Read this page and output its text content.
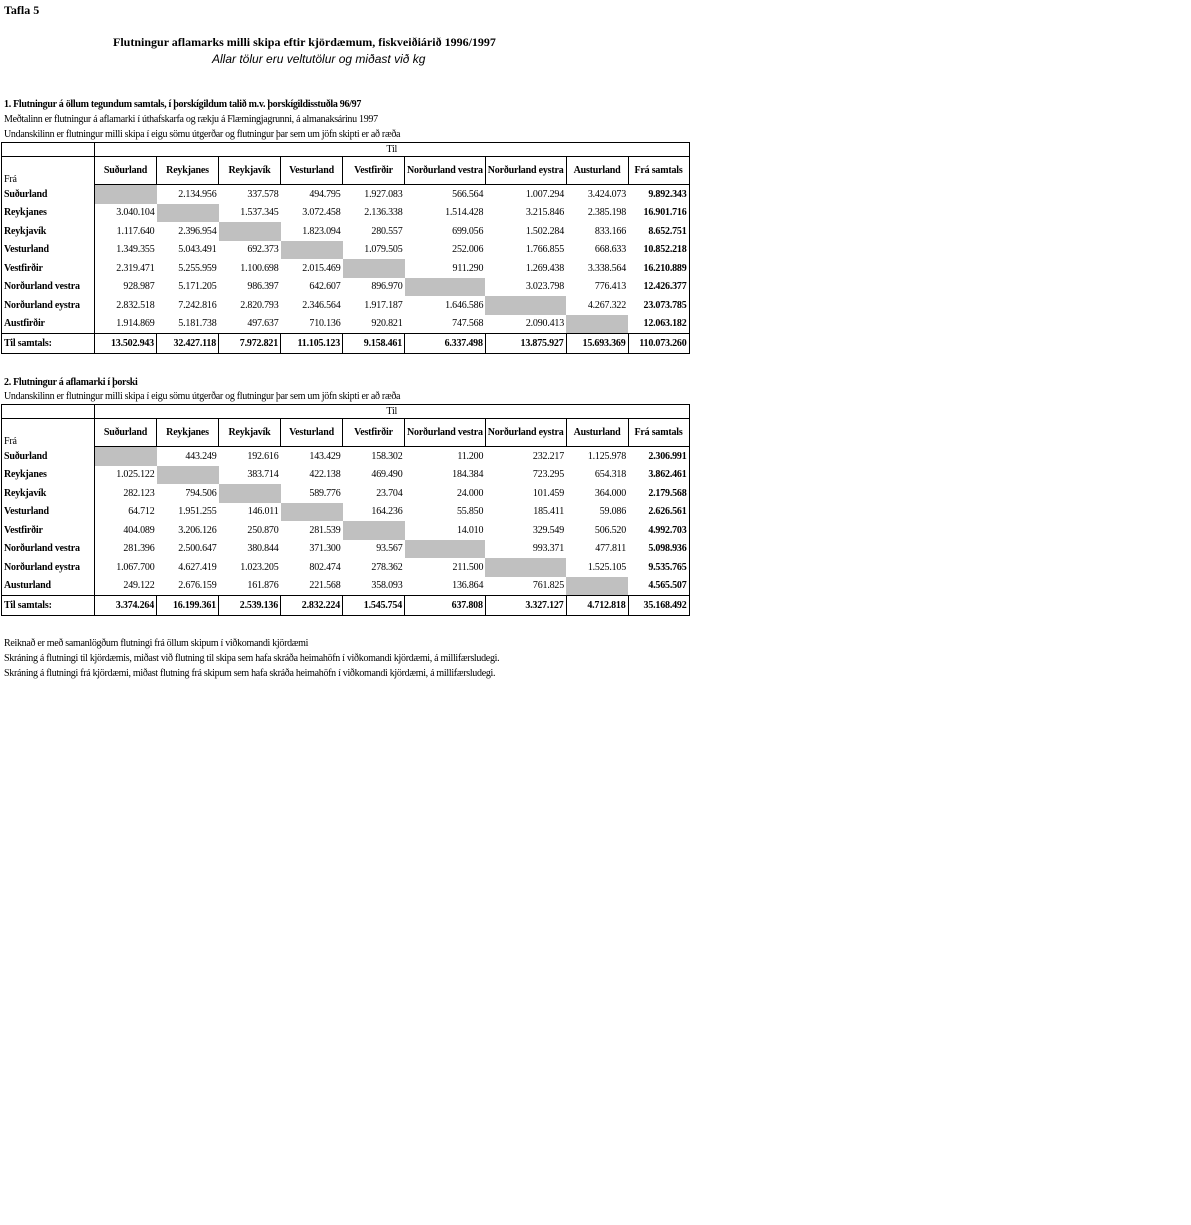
Tafla 5
Flutningur aflamarks milli skipa eftir kjördæmum, fiskveiðiárið 1996/1997
Allar tölur eru veltutölur og miðast við kg
1. Flutningur á öllum tegundum samtals, í þorskígildum talið m.v. þorskígildisstuðla 96/97
Meðtalinn er flutningur á aflamarki í úthafskarfa og rækju á Flæmingjagrunni, á almanaksárinu 1997
Undanskilinn er flutningur milli skipa í eigu sömu útgerðar og flutningur þar sem um jöfn skipti er að ræða
	Til								
Frá	Suðurland	Reykjanes	Reykjavík	Vesturland	Vestfirðir	Norðurland vestra	Norðurland eystra	Austurland	Frá samtals
Suðurland		2.134.956	337.578	494.795	1.927.083	566.564	1.007.294	3.424.073	9.892.343
Reykjanes	3.040.104		1.537.345	3.072.458	2.136.338	1.514.428	3.215.846	2.385.198	16.901.716
Reykjavík	1.117.640	2.396.954		1.823.094	280.557	699.056	1.502.284	833.166	8.652.751
Vesturland	1.349.355	5.043.491	692.373		1.079.505	252.006	1.766.855	668.633	10.852.218
Vestfirðir	2.319.471	5.255.959	1.100.698	2.015.469		911.290	1.269.438	3.338.564	16.210.889
Norðurland vestra	928.987	5.171.205	986.397	642.607	896.970		3.023.798	776.413	12.426.377
Norðurland eystra	2.832.518	7.242.816	2.820.793	2.346.564	1.917.187	1.646.586		4.267.322	23.073.785
Austfirðir	1.914.869	5.181.738	497.637	710.136	920.821	747.568	2.090.413		12.063.182
Til samtals:	13.502.943	32.427.118	7.972.821	11.105.123	9.158.461	6.337.498	13.875.927	15.693.369	110.073.260
2. Flutningur á aflamarki í þorski
Undanskilinn er flutningur milli skipa í eigu sömu útgerðar og flutningur þar sem um jöfn skipti er að ræða
	Til								
Frá	Suðurland	Reykjanes	Reykjavík	Vesturland	Vestfirðir	Norðurland vestra	Norðurland eystra	Austurland	Frá samtals
Suðurland		443.249	192.616	143.429	158.302	11.200	232.217	1.125.978	2.306.991
Reykjanes	1.025.122		383.714	422.138	469.490	184.384	723.295	654.318	3.862.461
Reykjavík	282.123	794.506		589.776	23.704	24.000	101.459	364.000	2.179.568
Vesturland	64.712	1.951.255	146.011		164.236	55.850	185.411	59.086	2.626.561
Vestfirðir	404.089	3.206.126	250.870	281.539		14.010	329.549	506.520	4.992.703
Norðurland vestra	281.396	2.500.647	380.844	371.300	93.567		993.371	477.811	5.098.936
Norðurland eystra	1.067.700	4.627.419	1.023.205	802.474	278.362	211.500		1.525.105	9.535.765
Austurland	249.122	2.676.159	161.876	221.568	358.093	136.864	761.825		4.565.507
Til samtals:	3.374.264	16.199.361	2.539.136	2.832.224	1.545.754	637.808	3.327.127	4.712.818	35.168.492
Reiknað er með samanlögðum flutningi frá öllum skipum í viðkomandi kjördæmi
Skráning á flutningi til kjördæmis, miðast við flutning til skipa sem hafa skráða heimahöfn í viðkomandi kjördæmi, á millifærsludegi.
Skráning á flutningi frá kjördæmi, miðast flutning frá skipum sem hafa skráða heimahöfn í viðkomandi kjördæmi, á millifærsludegi.
